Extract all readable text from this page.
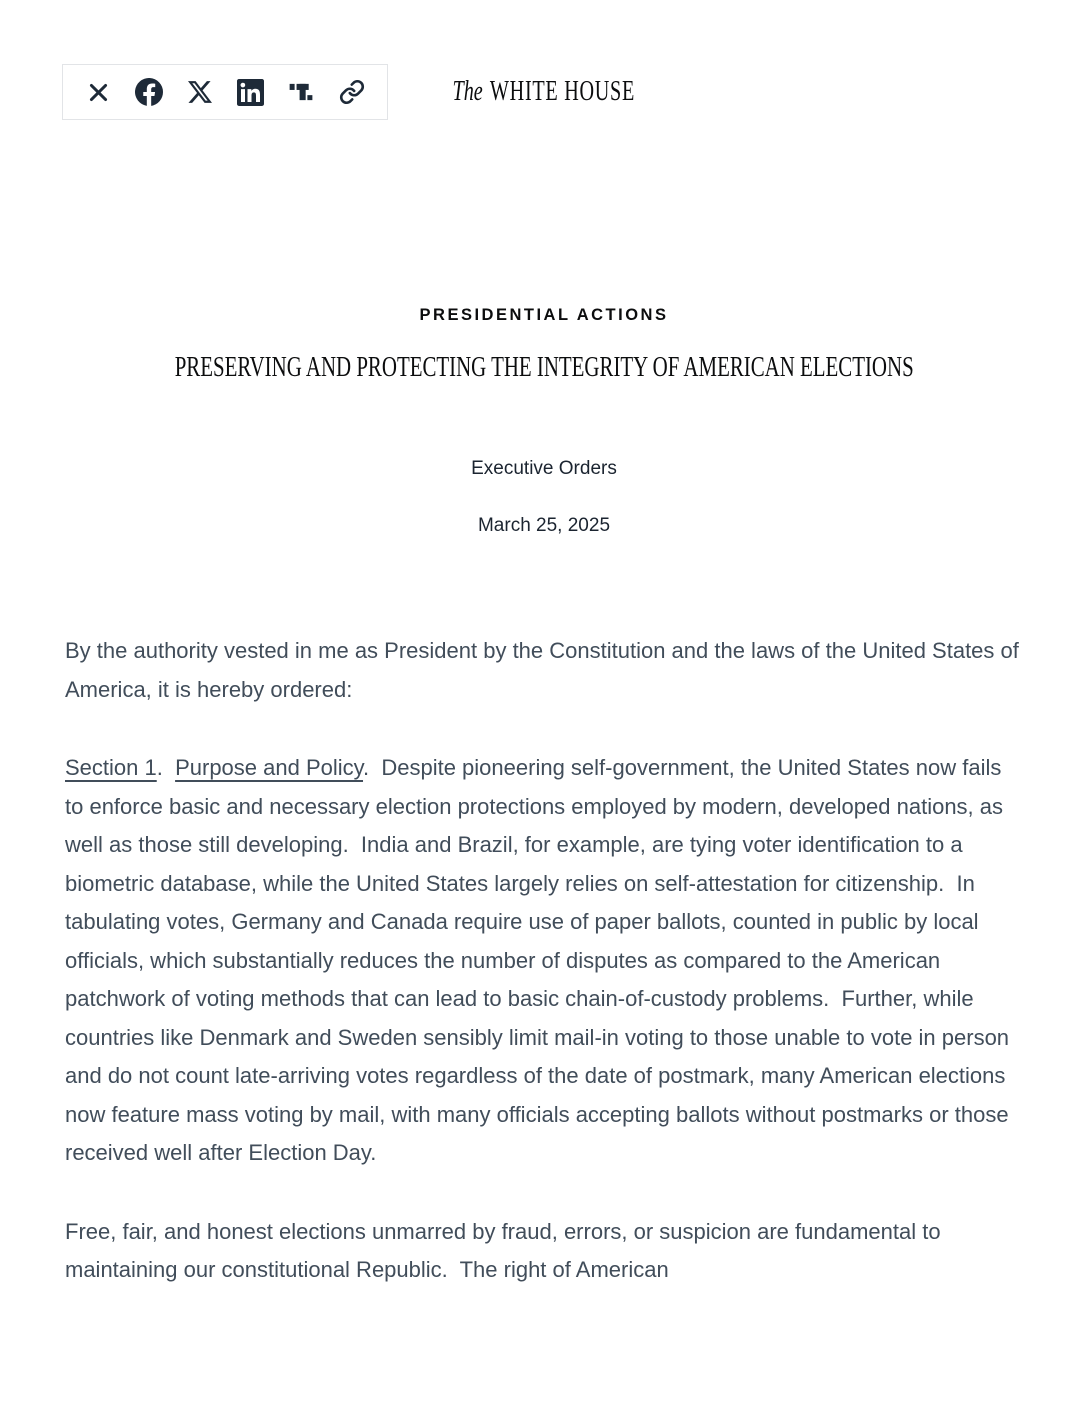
The WHITE HOUSE
PRESIDENTIAL ACTIONS
PRESERVING AND PROTECTING THE INTEGRITY OF AMERICAN ELECTIONS
Executive Orders
March 25, 2025

By the authority vested in me as President by the Constitution and the laws of the United States of America, it is hereby ordered:

Section 1.  Purpose and Policy.  Despite pioneering self-government, the United States now fails to enforce basic and necessary election protections employed by modern, developed nations, as well as those still developing.  India and Brazil, for example, are tying voter identification to a biometric database, while the United States largely relies on self-attestation for citizenship.  In tabulating votes, Germany and Canada require use of paper ballots, counted in public by local officials, which substantially reduces the number of disputes as compared to the American patchwork of voting methods that can lead to basic chain-of-custody problems.  Further, while countries like Denmark and Sweden sensibly limit mail-in voting to those unable to vote in person and do not count late-arriving votes regardless of the date of postmark, many American elections now feature mass voting by mail, with many officials accepting ballots without postmarks or those received well after Election Day.

Free, fair, and honest elections unmarred by fraud, errors, or suspicion are fundamental to maintaining our constitutional Republic.  The right of American
